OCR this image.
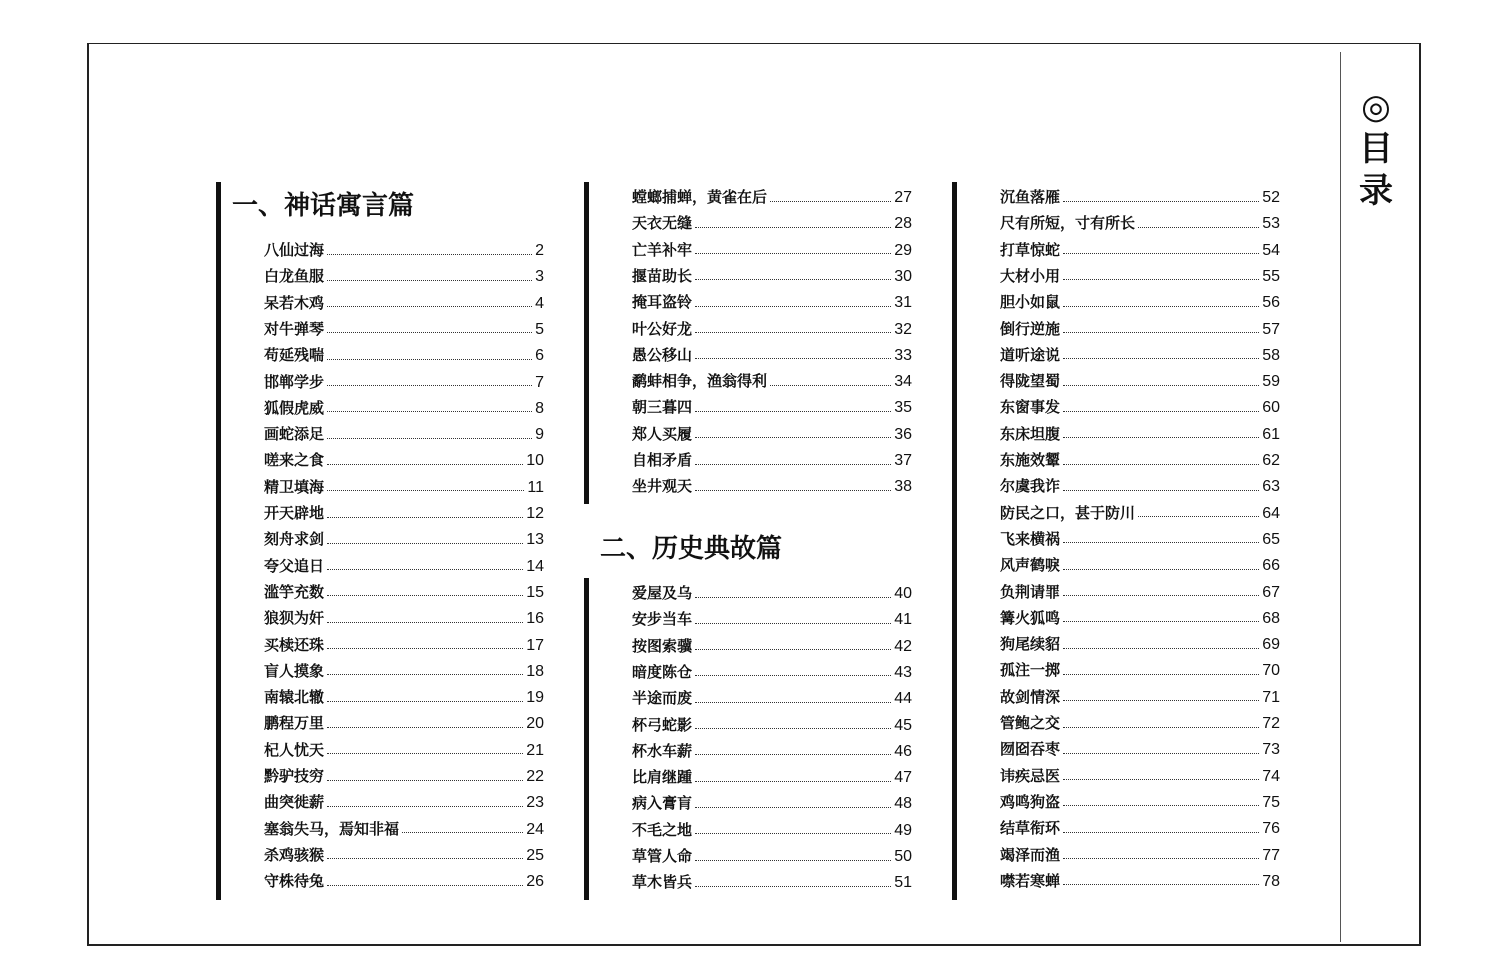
◎
目
录
一、神话寓言篇
二、历史典故篇
八仙过海	2
白龙鱼服	3
呆若木鸡	4
对牛弹琴	5
苟延残喘	6
邯郸学步	7
狐假虎威	8
画蛇添足	9
嗟来之食	10
精卫填海	11
开天辟地	12
刻舟求剑	13
夸父追日	14
滥竽充数	15
狼狈为奸	16
买椟还珠	17
盲人摸象	18
南辕北辙	19
鹏程万里	20
杞人忧天	21
黔驴技穷	22
曲突徙薪	23
塞翁失马，焉知非福	24
杀鸡骇猴	25
守株待兔	26
螳螂捕蝉，黄雀在后	27
天衣无缝	28
亡羊补牢	29
揠苗助长	30
掩耳盗铃	31
叶公好龙	32
愚公移山	33
鹬蚌相争，渔翁得利	34
朝三暮四	35
郑人买履	36
自相矛盾	37
坐井观天	38
爱屋及乌	40
安步当车	41
按图索骥	42
暗度陈仓	43
半途而废	44
杯弓蛇影	45
杯水车薪	46
比肩继踵	47
病入膏肓	48
不毛之地	49
草管人命	50
草木皆兵	51
沉鱼落雁	52
尺有所短，寸有所长	53
打草惊蛇	54
大材小用	55
胆小如鼠	56
倒行逆施	57
道听途说	58
得陇望蜀	59
东窗事发	60
东床坦腹	61
东施效颦	62
尔虞我诈	63
防民之口，甚于防川	64
飞来横祸	65
风声鹤唳	66
负荆请罪	67
篝火狐鸣	68
狗尾续貂	69
孤注一掷	70
故剑情深	71
管鲍之交	72
囫囵吞枣	73
讳疾忌医	74
鸡鸣狗盗	75
结草衔环	76
竭泽而渔	77
噤若寒蝉	78
